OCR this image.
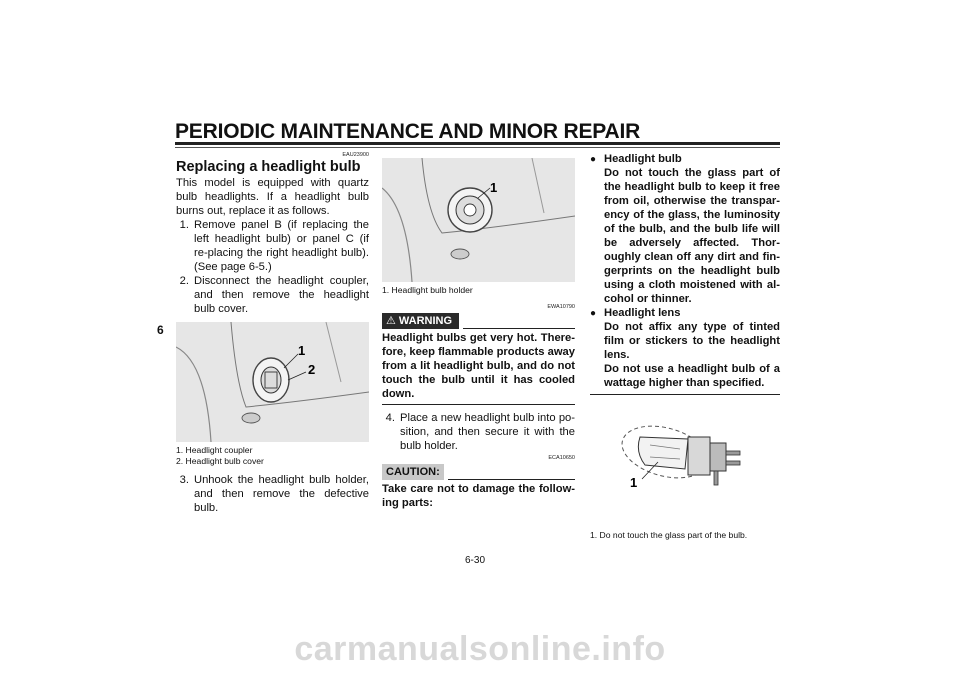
PERIODIC MAINTENANCE AND MINOR REPAIR
6
EAU23900
Replacing a headlight bulb
This model is equipped with quartz bulb headlights. If a headlight bulb burns out, replace it as follows.
1. Remove panel B (if replacing the left headlight bulb) or panel C (if re-placing the right headlight bulb). (See page 6-5.)
2. Disconnect the headlight coupler, and then remove the headlight bulb cover.
1
2
1. Headlight coupler
2. Headlight bulb cover
3. Unhook the headlight bulb holder, and then remove the defective bulb.
1
1. Headlight bulb holder
EWA10790
⚠ WARNING
Headlight bulbs get very hot. There-fore, keep flammable products away from a lit headlight bulb, and do not touch the bulb until it has cooled down.
4. Place a new headlight bulb into po-sition, and then secure it with the bulb holder.
ECA10650
CAUTION:
Take care not to damage the follow-ing parts:
● Headlight bulb
Do not touch the glass part of the headlight bulb to keep it free from oil, otherwise the transpar-ency of the glass, the luminosity of the bulb, and the bulb life will be adversely affected. Thor-oughly clean off any dirt and fin-gerprints on the headlight bulb using a cloth moistened with al-cohol or thinner.
● Headlight lens
Do not affix any type of tinted film or stickers to the headlight lens.
Do not use a headlight bulb of a wattage higher than specified.
1
1. Do not touch the glass part of the bulb.
6-30
carmanualsonline.info
